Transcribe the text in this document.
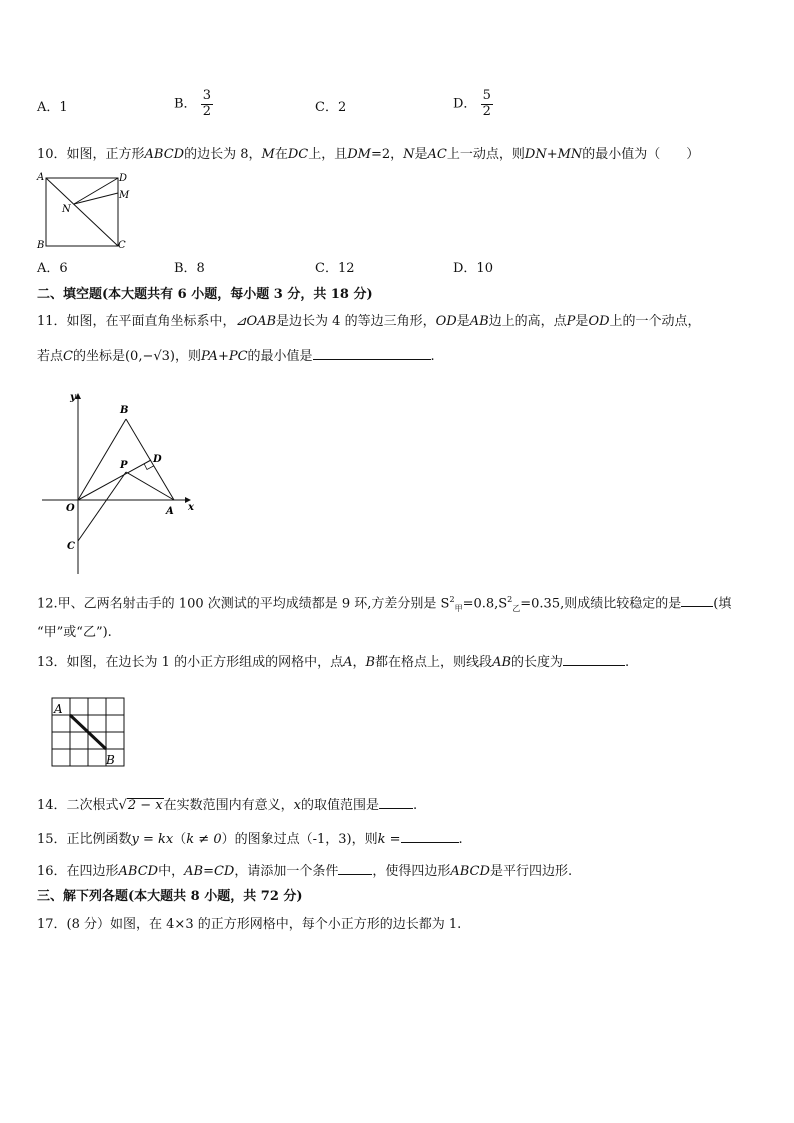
A．1	B． $\frac{3}{2}$	C．2	D． $\frac{5}{2}$
10．如图，正方形ABCD的边长为 8，M在DC上，且DM=2，N是AC上一动点，则DN+MN的最小值为（　　）
A	D
M
N
B	C
A．6	B．8	C．12	D．10
二、填空题(本大题共有 6 小题，每小题 3 分，共 18 分)
11．如图，在平面直角坐标系中，⊿OAB是边长为 4 的等边三角形，OD是AB边上的高，点P是OD上的一个动点，
若点C的坐标是(0,−√3)，则PA+PC的最小值是	.
y
x
B
D
P
O	A
C
12.甲、乙两名射击手的 100 次测试的平均成绩都是 9 环,方差分别是 $S^2_甲=0.8,S^2_乙=0.35$,则成绩比较稳定的是 (填
“甲”或“乙”).
13．如图，在边长为 1 的小正方形组成的网格中，点A，B都在格点上，则线段AB的长度为	.
A
B
14．二次根式√2 − x在实数范围内有意义，x的取值范围是	.
15．正比例函数y = kx（k ≠ 0）的图象过点（-1，3)，则k =	.
16．在四边形ABCD中，AB=CD，请添加一个条件	，使得四边形ABCD是平行四边形.
三、解下列各题(本大题共 8 小题，共 72 分)
17．(8 分）如图，在 4×3 的正方形网格中，每个小正方形的边长都为 1.
